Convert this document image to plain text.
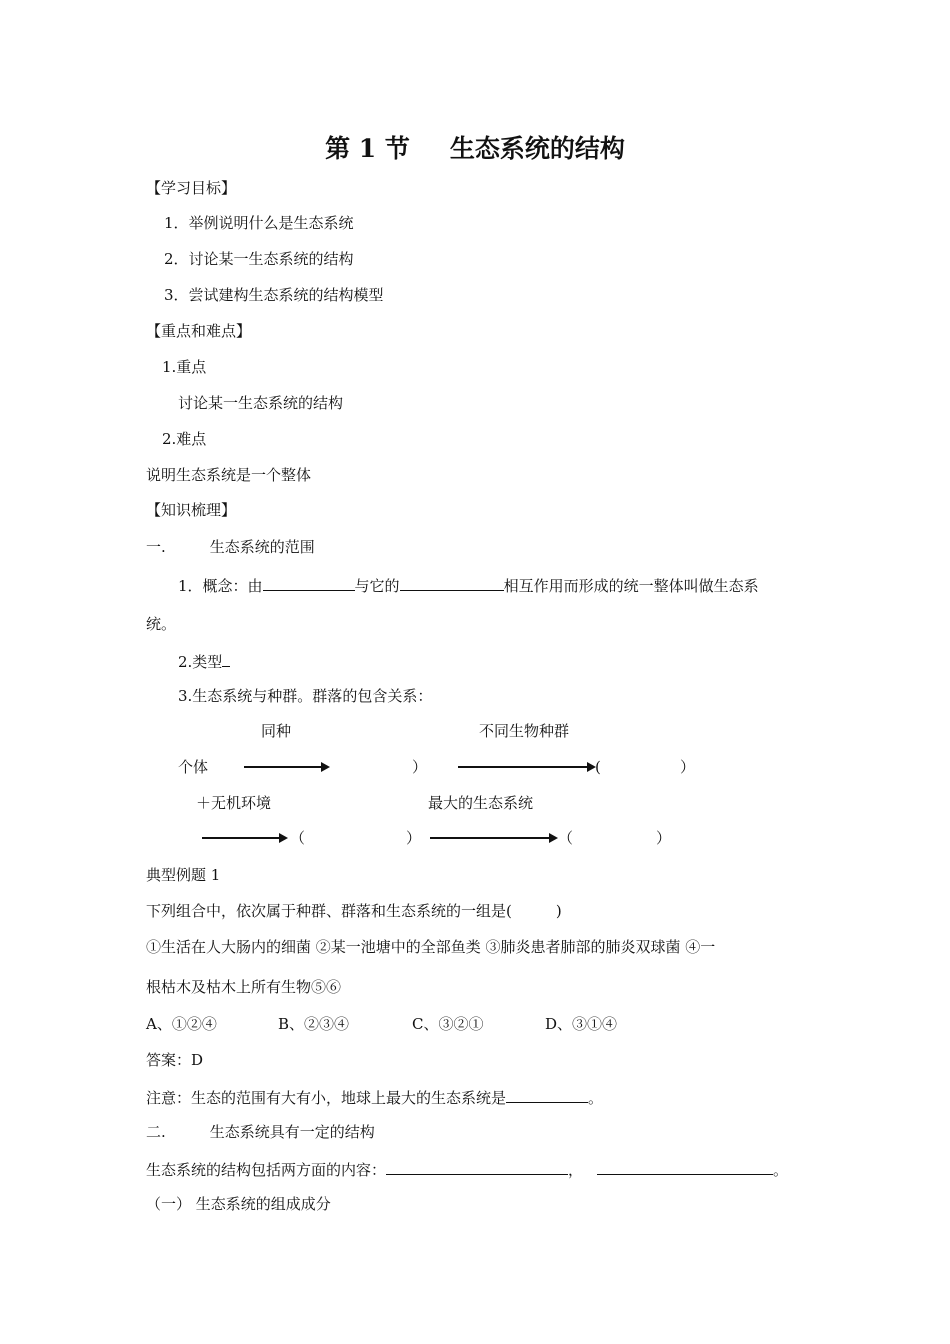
第 1 节 生态系统的结构
【学习目标】
1．举例说明什么是生态系统
2．讨论某一生态系统的结构
3．尝试建构生态系统的结构模型
【重点和难点】
1.重点
讨论某一生态系统的结构
2.难点
说明生态系统是一个整体
【知识梳理】
一.	生态系统的范围
1．概念：由	与它的	相互作用而形成的统一整体叫做生态系
统。
2.类型
3.生态系统与种群。群落的包含关系：
同种	不同生物种群
个体	）	(	）
＋无机环境	最大的生态系统
（	）	（	）
典型例题 1
下列组合中，依次属于种群、群落和生态系统的一组是(	)
①生活在人大肠内的细菌 ②某一池塘中的全部鱼类 ③肺炎患者肺部的肺炎双球菌 ④一
根枯木及枯木上所有生物⑤⑥
A、①②④	B、②③④	C、③②①	D、③①④
答案：D
注意：生态的范围有大有小，地球上最大的生态系统是	。
二.	生态系统具有一定的结构
生态系统的结构包括两方面的内容：	，	。
（一） 生态系统的组成成分
